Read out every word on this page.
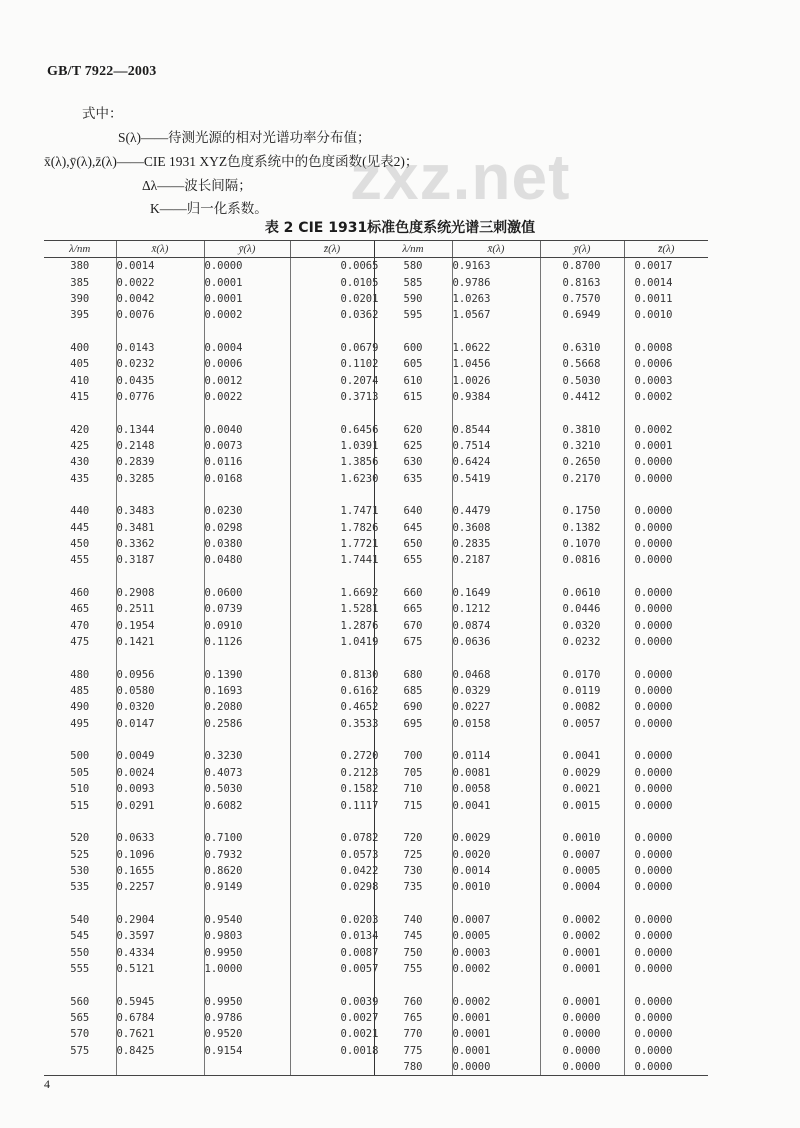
GB/T 7922—2003
式中：
S(λ)——待测光源的相对光谱功率分布值；
x̄(λ),ȳ(λ),z̄(λ)——CIE 1931 XYZ色度系统中的色度函数(见表2)；
Δλ——波长间隔；
K——归一化系数。 zxz.net
表 2 CIE 1931标准色度系统光谱三刺激值
λ/nm	x̄(λ)	ȳ(λ)	z̄(λ)	λ/nm	x̄(λ)	ȳ(λ)	z̄(λ)
380	0.0014	0.0000	0.0065	580	0.9163	0.8700	0.0017
385	0.0022	0.0001	0.0105	585	0.9786	0.8163	0.0014
390	0.0042	0.0001	0.0201	590	1.0263	0.7570	0.0011
395	0.0076	0.0002	0.0362	595	1.0567	0.6949	0.0010

400	0.0143	0.0004	0.0679	600	1.0622	0.6310	0.0008
405	0.0232	0.0006	0.1102	605	1.0456	0.5668	0.0006
410	0.0435	0.0012	0.2074	610	1.0026	0.5030	0.0003
415	0.0776	0.0022	0.3713	615	0.9384	0.4412	0.0002

420	0.1344	0.0040	0.6456	620	0.8544	0.3810	0.0002
425	0.2148	0.0073	1.0391	625	0.7514	0.3210	0.0001
430	0.2839	0.0116	1.3856	630	0.6424	0.2650	0.0000
435	0.3285	0.0168	1.6230	635	0.5419	0.2170	0.0000

440	0.3483	0.0230	1.7471	640	0.4479	0.1750	0.0000
445	0.3481	0.0298	1.7826	645	0.3608	0.1382	0.0000
450	0.3362	0.0380	1.7721	650	0.2835	0.1070	0.0000
455	0.3187	0.0480	1.7441	655	0.2187	0.0816	0.0000

460	0.2908	0.0600	1.6692	660	0.1649	0.0610	0.0000
465	0.2511	0.0739	1.5281	665	0.1212	0.0446	0.0000
470	0.1954	0.0910	1.2876	670	0.0874	0.0320	0.0000
475	0.1421	0.1126	1.0419	675	0.0636	0.0232	0.0000

480	0.0956	0.1390	0.8130	680	0.0468	0.0170	0.0000
485	0.0580	0.1693	0.6162	685	0.0329	0.0119	0.0000
490	0.0320	0.2080	0.4652	690	0.0227	0.0082	0.0000
495	0.0147	0.2586	0.3533	695	0.0158	0.0057	0.0000

500	0.0049	0.3230	0.2720	700	0.0114	0.0041	0.0000
505	0.0024	0.4073	0.2123	705	0.0081	0.0029	0.0000
510	0.0093	0.5030	0.1582	710	0.0058	0.0021	0.0000
515	0.0291	0.6082	0.1117	715	0.0041	0.0015	0.0000

520	0.0633	0.7100	0.0782	720	0.0029	0.0010	0.0000
525	0.1096	0.7932	0.0573	725	0.0020	0.0007	0.0000
530	0.1655	0.8620	0.0422	730	0.0014	0.0005	0.0000
535	0.2257	0.9149	0.0298	735	0.0010	0.0004	0.0000

540	0.2904	0.9540	0.0203	740	0.0007	0.0002	0.0000
545	0.3597	0.9803	0.0134	745	0.0005	0.0002	0.0000
550	0.4334	0.9950	0.0087	750	0.0003	0.0001	0.0000
555	0.5121	1.0000	0.0057	755	0.0002	0.0001	0.0000

560	0.5945	0.9950	0.0039	760	0.0002	0.0001	0.0000
565	0.6784	0.9786	0.0027	765	0.0001	0.0000	0.0000
570	0.7621	0.9520	0.0021	770	0.0001	0.0000	0.0000
575	0.8425	0.9154	0.0018	775	0.0001	0.0000	0.0000
				780	0.0000	0.0000	0.0000
4
